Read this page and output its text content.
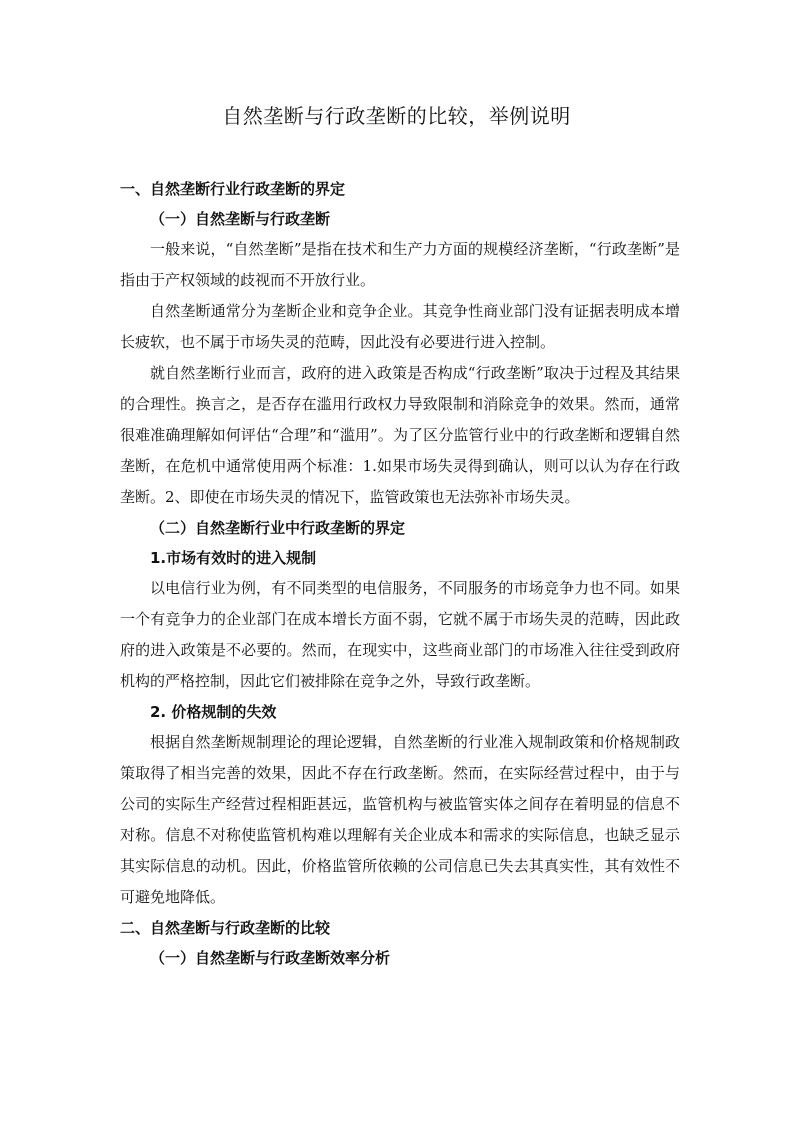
自然垄断与行政垄断的比较，举例说明

一、自然垄断行业行政垄断的界定

（一）自然垄断与行政垄断

一般来说，“自然垄断”是指在技术和生产力方面的规模经济垄断，“行政垄断”是指由于产权领域的歧视而不开放行业。

自然垄断通常分为垄断企业和竞争企业。其竞争性商业部门没有证据表明成本增长疲软，也不属于市场失灵的范畴，因此没有必要进行进入控制。

就自然垄断行业而言，政府的进入政策是否构成“行政垄断”取决于过程及其结果的合理性。换言之，是否存在滥用行政权力导致限制和消除竞争的效果。然而，通常很难准确理解如何评估“合理”和“滥用”。为了区分监管行业中的行政垄断和逻辑自然垄断，在危机中通常使用两个标准：1.如果市场失灵得到确认，则可以认为存在行政垄断。2、即使在市场失灵的情况下，监管政策也无法弥补市场失灵。

（二）自然垄断行业中行政垄断的界定

1.市场有效时的进入规制

以电信行业为例，有不同类型的电信服务，不同服务的市场竞争力也不同。如果一个有竞争力的企业部门在成本增长方面不弱，它就不属于市场失灵的范畴，因此政府的进入政策是不必要的。然而，在现实中，这些商业部门的市场准入往往受到政府机构的严格控制，因此它们被排除在竞争之外，导致行政垄断。

2. 价格规制的失效

根据自然垄断规制理论的理论逻辑，自然垄断的行业准入规制政策和价格规制政策取得了相当完善的效果，因此不存在行政垄断。然而，在实际经营过程中，由于与公司的实际生产经营过程相距甚远，监管机构与被监管实体之间存在着明显的信息不对称。信息不对称使监管机构难以理解有关企业成本和需求的实际信息，也缺乏显示其实际信息的动机。因此，价格监管所依赖的公司信息已失去其真实性，其有效性不可避免地降低。

二、自然垄断与行政垄断的比较

（一）自然垄断与行政垄断效率分析
